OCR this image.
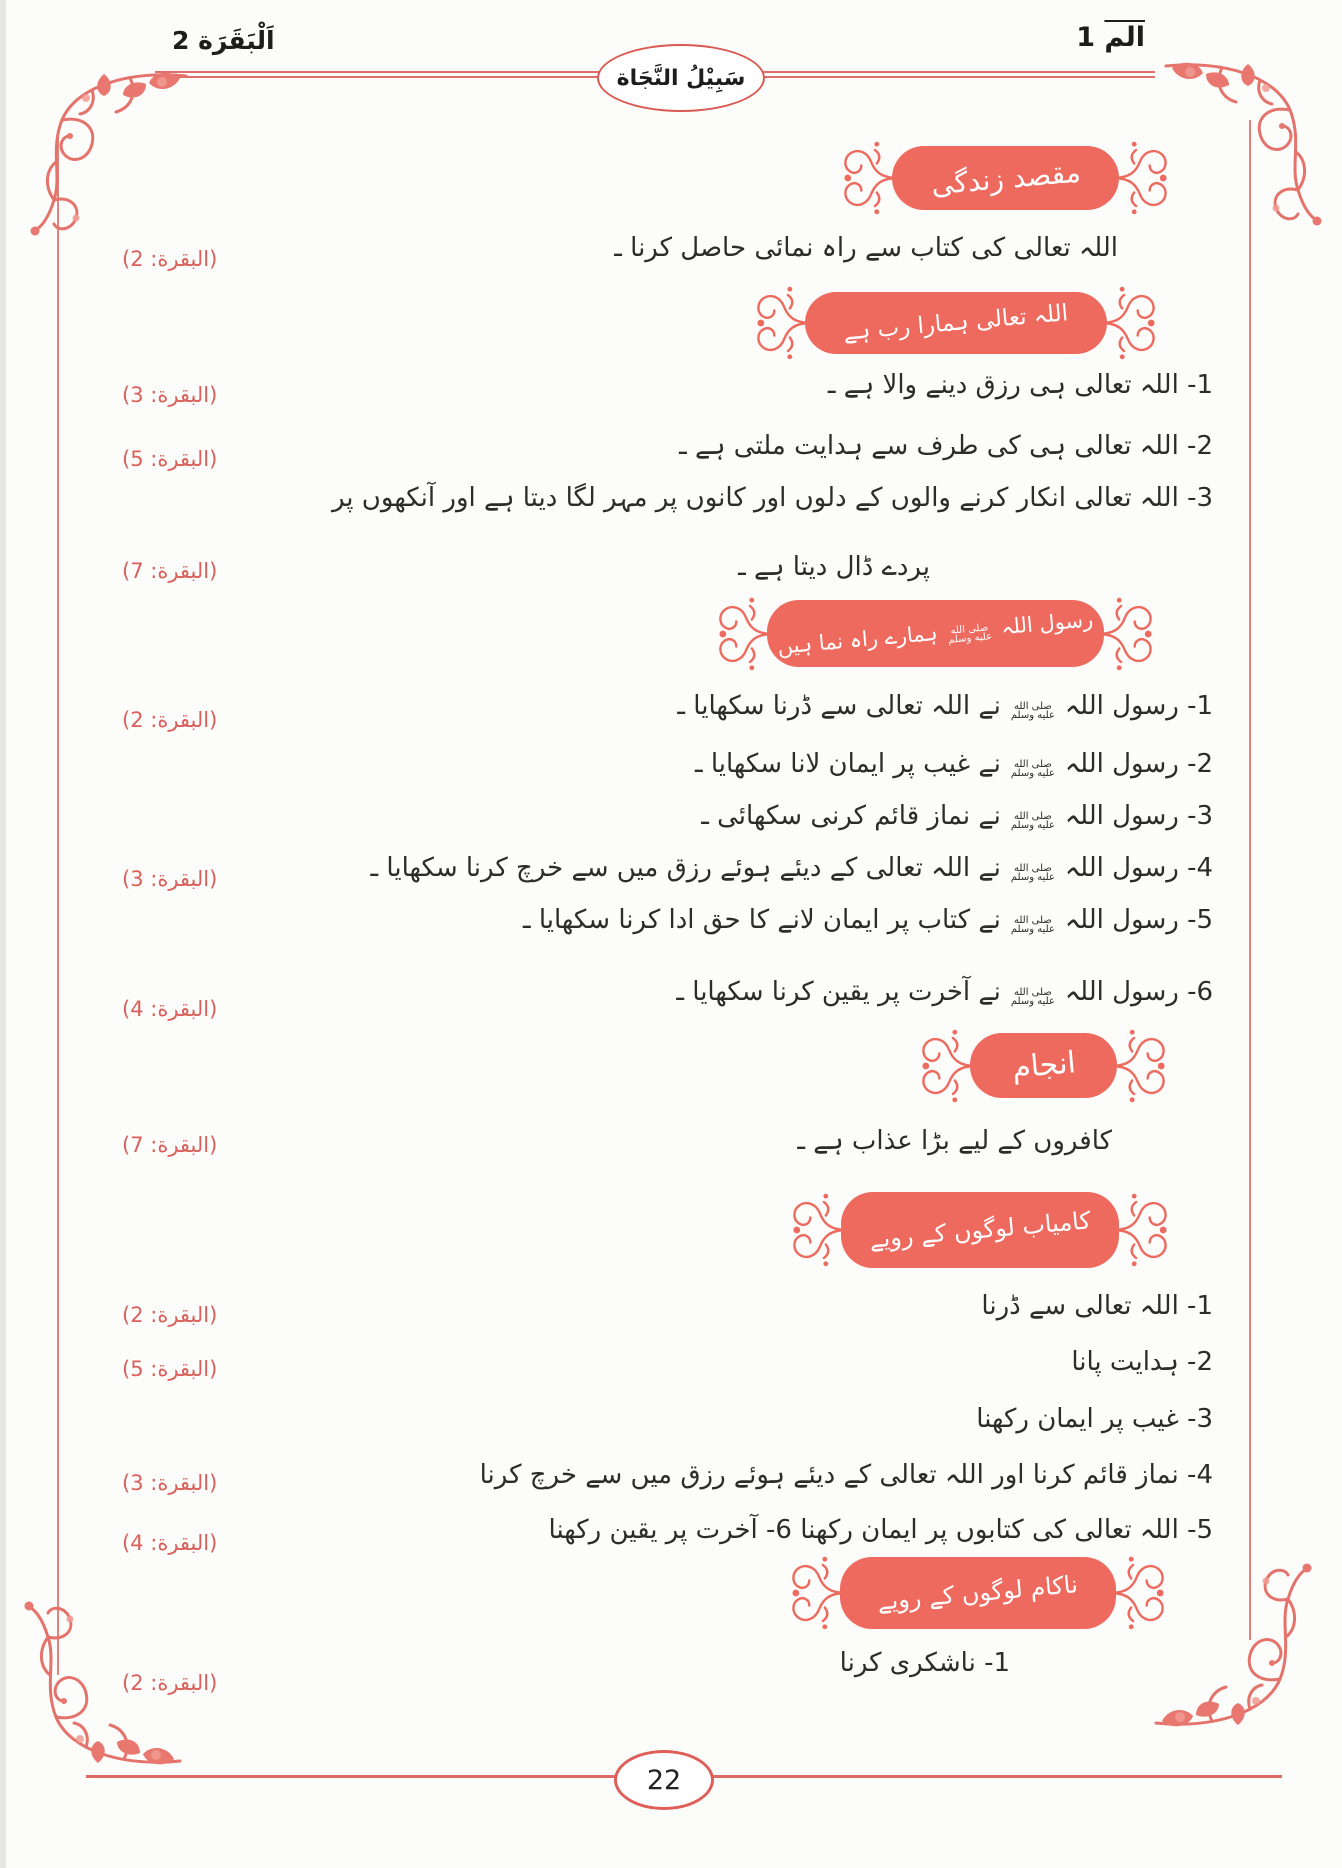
اَلْبَقَرَة 2
سَبِيْلُ النَّجَاة
الم 1
مقصد زندگی
اللہ تعالی ہمارا رب ہے
رسول اللہصلى الله عليه وسلمہمارے راہ نما ہیں
انجام
کامیاب لوگوں کے رویے
ناکام لوگوں کے رویے
اللہ تعالی کی کتاب سے راہ نمائی حاصل کرنا ـ
1- اللہ تعالی ہی رزق دینے والا ہے ـ
2- اللہ تعالی ہی کی طرف سے ہدایت ملتی ہے ـ
3- اللہ تعالی انکار کرنے والوں کے دلوں اور کانوں پر مہر لگا دیتا ہے اور آنکھوں پر
پردے ڈال دیتا ہے ـ
1- رسول اللہصلى الله عليه وسلمنے اللہ تعالی سے ڈرنا سکھایا ـ
2- رسول اللہصلى الله عليه وسلمنے غیب پر ایمان لانا سکھایا ـ
3- رسول اللہصلى الله عليه وسلمنے نماز قائم کرنی سکھائی ـ
4- رسول اللہصلى الله عليه وسلمنے اللہ تعالی کے دیئے ہوئے رزق میں سے خرچ کرنا سکھایا ـ
5- رسول اللہصلى الله عليه وسلمنے کتاب پر ایمان لانے کا حق ادا کرنا سکھایا ـ
6- رسول اللہصلى الله عليه وسلمنے آخرت پر یقین کرنا سکھایا ـ
کافروں کے لیے بڑا عذاب ہے ـ
1- اللہ تعالی سے ڈرنا
2- ہدایت پانا
3- غیب پر ایمان رکھنا
4- نماز قائم کرنا اور اللہ تعالی کے دیئے ہوئے رزق میں سے خرچ کرنا
5- اللہ تعالی کی کتابوں پر ایمان رکھنا 6- آخرت پر یقین رکھنا
1- ناشکری کرنا
(البقرة: 2)
(البقرة: 3)
(البقرة: 5)
(البقرة: 7)
(البقرة: 2)
(البقرة: 3)
(البقرة: 4)
(البقرة: 7)
(البقرة: 2)
(البقرة: 5)
(البقرة: 3)
(البقرة: 4)
(البقرة: 2)
22
